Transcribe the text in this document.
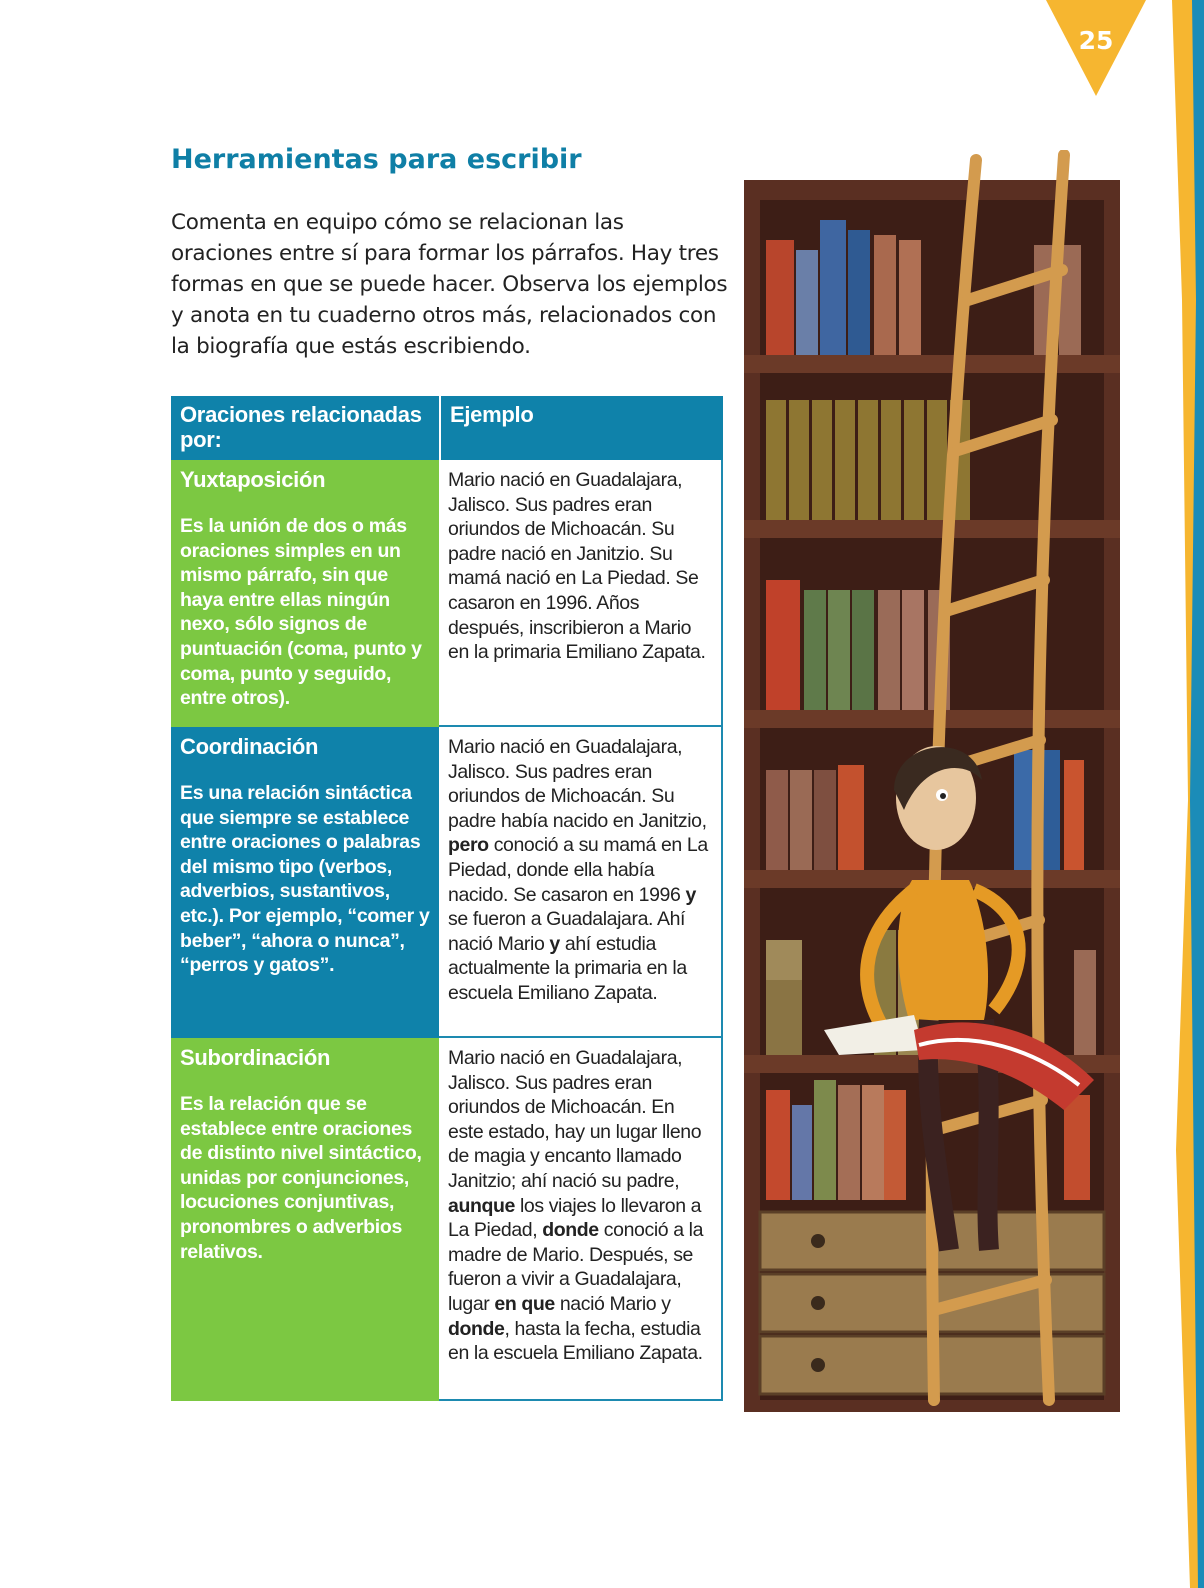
25
Herramientas para escribir

Comenta en equipo cómo se relacionan las oraciones entre sí para formar los párrafos. Hay tres formas en que se puede hacer. Observa los ejemplos y anota en tu cuaderno otros más, relacionados con la biografía que estás escribiendo.

Oraciones relacionadas por:
Ejemplo
Yuxtaposición
Es la unión de dos o más oraciones simples en un mismo párrafo, sin que haya entre ellas ningún nexo, sólo signos de puntuación (coma, punto y coma, punto y seguido, entre otros).
Mario nació en Guadalajara, Jalisco. Sus padres eran oriundos de Michoacán. Su padre nació en Janitzio. Su mamá nació en La Piedad. Se casaron en 1996. Años después, inscribieron a Mario en la primaria Emiliano Zapata.
Coordinación
Es una relación sintáctica que siempre se establece entre oraciones o palabras del mismo tipo (verbos, adverbios, sustantivos, etc.). Por ejemplo, “comer y beber”, “ahora o nunca”, “perros y gatos”.
Mario nació en Guadalajara, Jalisco. Sus padres eran oriundos de Michoacán. Su padre había nacido en Janitzio, pero conoció a su mamá en La Piedad, donde ella había nacido. Se casaron en 1996 y se fueron a Guadalajara. Ahí nació Mario y ahí estudia actualmente la primaria en la escuela Emiliano Zapata.
Subordinación
Es la relación que se establece entre oraciones de distinto nivel sintáctico, unidas por conjunciones, locuciones conjuntivas, pronombres o adverbios relativos.
Mario nació en Guadalajara, Jalisco. Sus padres eran oriundos de Michoacán. En este estado, hay un lugar lleno de magia y encanto llamado Janitzio; ahí nació su padre, aunque los viajes lo llevaron a La Piedad, donde conoció a la madre de Mario. Después, se fueron a vivir a Guadalajara, lugar en que nació Mario y donde, hasta la fecha, estudia en la escuela Emiliano Zapata.
